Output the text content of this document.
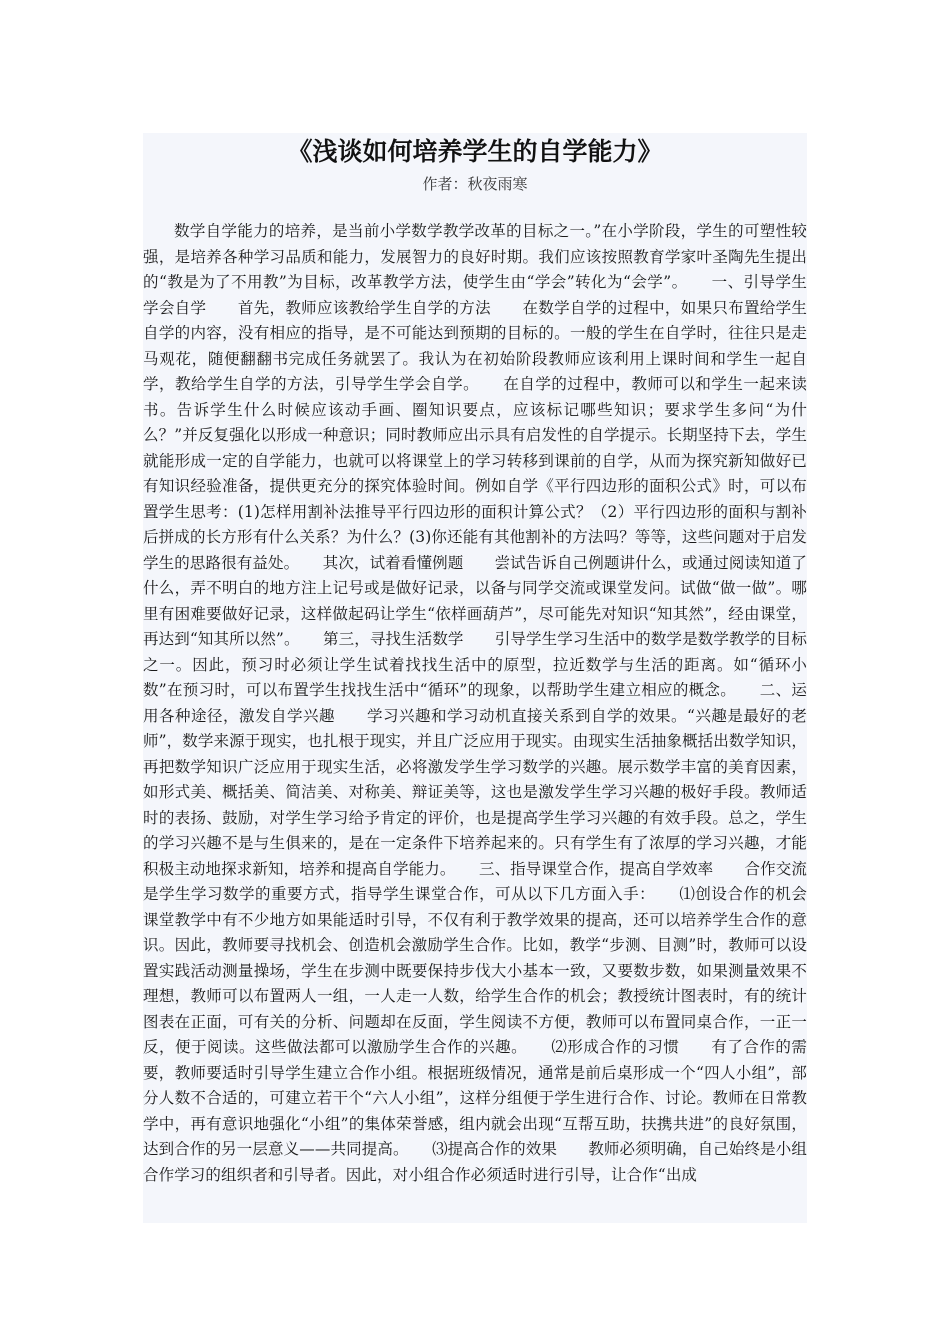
《浅谈如何培养学生的自学能力》

作者：秋夜雨寒

数学自学能力的培养，是当前小学数学教学改革的目标之一。”在小学阶段，学生的可塑性较强，是培养各种学习品质和能力，发展智力的良好时期。我们应该按照教育学家叶圣陶先生提出的“教是为了不用教”为目标，改革教学方法，使学生由“学会”转化为“会学”。　　一、引导学生学会自学　　首先，教师应该教给学生自学的方法　　在数学自学的过程中，如果只布置给学生自学的内容，没有相应的指导，是不可能达到预期的目标的。一般的学生在自学时，往往只是走马观花，随便翻翻书完成任务就罢了。我认为在初始阶段教师应该利用上课时间和学生一起自学，教给学生自学的方法，引导学生学会自学。　　在自学的过程中，教师可以和学生一起来读书。告诉学生什么时候应该动手画、圈知识要点，应该标记哪些知识；要求学生多问“为什么？”并反复强化以形成一种意识；同时教师应出示具有启发性的自学提示。长期坚持下去，学生就能形成一定的自学能力，也就可以将课堂上的学习转移到课前的自学，从而为探究新知做好已有知识经验准备，提供更充分的探究体验时间。例如自学《平行四边形的面积公式》时，可以布置学生思考：(1)怎样用割补法推导平行四边形的面积计算公式？（2）平行四边形的面积与割补后拼成的长方形有什么关系？为什么？(3)你还能有其他割补的方法吗？等等，这些问题对于启发学生的思路很有益处。　　其次，试着看懂例题　　尝试告诉自己例题讲什么，或通过阅读知道了什么，弄不明白的地方注上记号或是做好记录，以备与同学交流或课堂发问。试做“做一做”。哪里有困难要做好记录，这样做起码让学生“依样画葫芦”，尽可能先对知识“知其然”，经由课堂，再达到“知其所以然”。　　第三，寻找生活数学　　引导学生学习生活中的数学是数学教学的目标之一。因此，预习时必须让学生试着找找生活中的原型，拉近数学与生活的距离。如“循环小数”在预习时，可以布置学生找找生活中“循环”的现象，以帮助学生建立相应的概念。　　二、运用各种途径，激发自学兴趣　　学习兴趣和学习动机直接关系到自学的效果。“兴趣是最好的老师”，数学来源于现实，也扎根于现实，并且广泛应用于现实。由现实生活抽象概括出数学知识，再把数学知识广泛应用于现实生活，必将激发学生学习数学的兴趣。展示数学丰富的美育因素，如形式美、概括美、简洁美、对称美、辩证美等，这也是激发学生学习兴趣的极好手段。教师适时的表扬、鼓励，对学生学习给予肯定的评价，也是提高学生学习兴趣的有效手段。总之，学生的学习兴趣不是与生俱来的，是在一定条件下培养起来的。只有学生有了浓厚的学习兴趣，才能积极主动地探求新知，培养和提高自学能力。　　三、指导课堂合作，提高自学效率　　合作交流是学生学习数学的重要方式，指导学生课堂合作，可从以下几方面入手：　　⑴创设合作的机会　　课堂教学中有不少地方如果能适时引导，不仅有利于教学效果的提高，还可以培养学生合作的意识。因此，教师要寻找机会、创造机会激励学生合作。比如，教学“步测、目测”时，教师可以设置实践活动测量操场，学生在步测中既要保持步伐大小基本一致，又要数步数，如果测量效果不理想，教师可以布置两人一组，一人走一人数，给学生合作的机会；教授统计图表时，有的统计图表在正面，可有关的分析、问题却在反面，学生阅读不方便，教师可以布置同桌合作，一正一反，便于阅读。这些做法都可以激励学生合作的兴趣。　　⑵形成合作的习惯　　有了合作的需要，教师要适时引导学生建立合作小组。根据班级情况，通常是前后桌形成一个“四人小组”，部分人数不合适的，可建立若干个“六人小组”，这样分组便于学生进行合作、讨论。教师在日常教学中，再有意识地强化“小组”的集体荣誉感，组内就会出现“互帮互助，扶携共进”的良好氛围，达到合作的另一层意义——共同提高。　　⑶提高合作的效果　　教师必须明确，自己始终是小组合作学习的组织者和引导者。因此，对小组合作必须适时进行引导，让合作“出成
